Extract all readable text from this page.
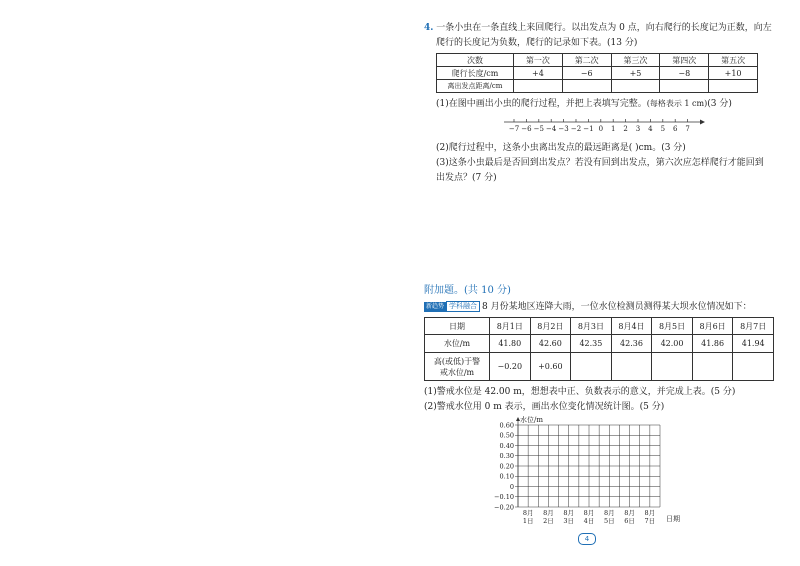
4. 一条小虫在一条直线上来回爬行。以出发点为 0 点，向右爬行的长度记为正数，向左
爬行的长度记为负数，爬行的记录如下表。(13 分)
次数	第一次	第二次	第三次	第四次	第五次
爬行长度/cm	+4	−6	+5	−8	+10
离出发点距离/cm					
(1)在图中画出小虫的爬行过程，并把上表填写完整。(每格表示 1 cm)(3 分)
−7 −6 −5 −4 −3 −2 −1 0 1 2 3 4 5 6 7
(2)爬行过程中，这条小虫离出发点的最远距离是( )cm。(3 分)
(3)这条小虫最后是否回到出发点？若没有回到出发点，第六次应怎样爬行才能回到
出发点？(7 分)
附加题。(共 10 分)
新趋势 学科融合 8 月份某地区连降大雨，一位水位检测员测得某大坝水位情况如下：
日期	8月1日	8月2日	8月3日	8月4日	8月5日	8月6日	8月7日
水位/m	41.80	42.60	42.35	42.36	42.00	41.86	41.94

高(或低)于警
戒水位/m	−0.20	+0.60					
(1)警戒水位是 42.00 m，想想表中正、负数表示的意义，并完成上表。(5 分)
(2)警戒水位用 0 m 表示，画出水位变化情况统计图。(5 分)
0.60
0.50
0.40
0.30
0.20
0.10
0
−0.10
−0.20
8月
1日
8月
2日
8月
3日
8月
4日
8月
5日
8月
6日
8月
7日
水位/m
日期
4
